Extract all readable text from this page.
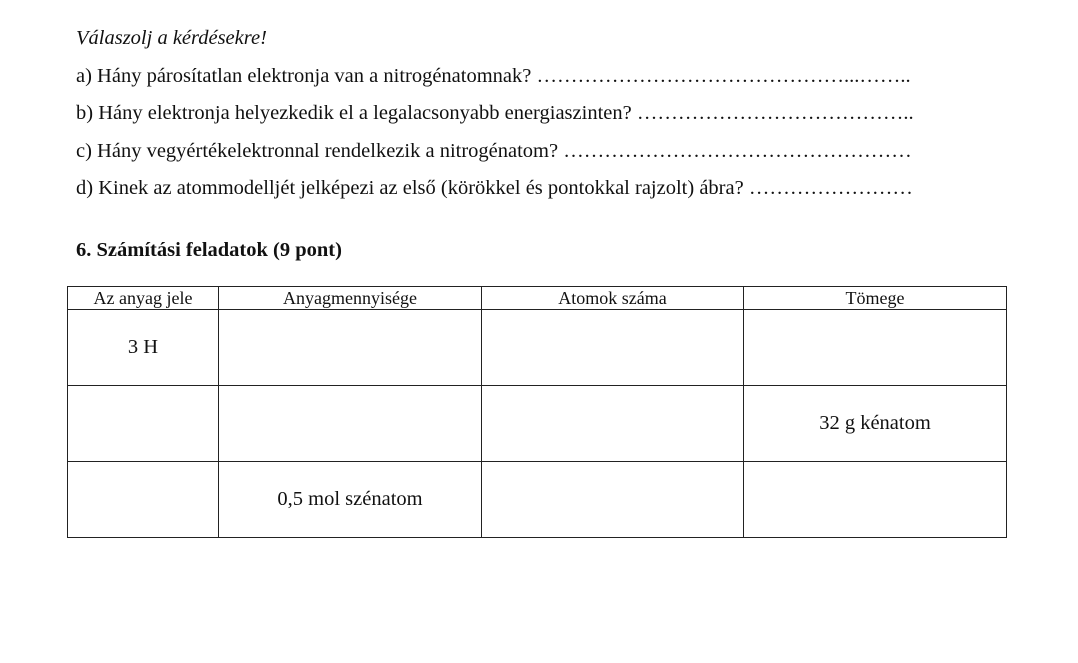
Válaszolj a kérdésekre!
a) Hány párosítatlan elektronja van a nitrogénatomnak? ………………………………………...……..
b) Hány elektronja helyezkedik el a legalacsonyabb energiaszinten? …………………………………..
c) Hány vegyértékelektronnal rendelkezik a nitrogénatom? ……………………………………………
d) Kinek az atommodelljét jelképezi az első (körökkel és pontokkal rajzolt) ábra? ……………………
6. Számítási feladatok (9 pont)
Az anyag jele	Anyagmennyisége	Atomok száma	Tömege
3 H			
			32 g kénatom
	0,5 mol szénatom		
